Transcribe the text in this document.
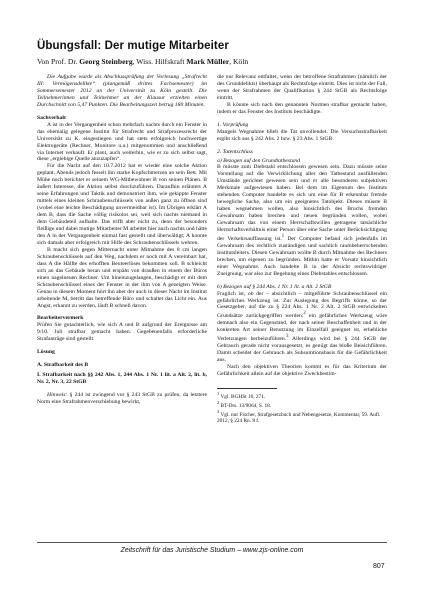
Übungsfall: Der mutige Mitarbeiter
Von Prof. Dr. Georg Steinberg, Wiss. Hilfskraft Mark Müller, Köln

Die Aufgabe wurde als Abschlussprüfung der Vorlesung „Strafrecht III: Vermögensdelikte“ (plangemäß drittes Fachsemester) im Sommersemester 2012 an der Universität zu Köln gestellt. Die Teilnehmerinnen und Teilnehmer an der Klausur erzielten einen Durchschnitt von 5,47 Punkten. Die Bearbeitungszeit betrug 180 Minuten.

Sachverhalt

A ist in der Vergangenheit schon mehrfach nachts durch ein Fenster in das ehemalig gelegene Institut für Strafrecht und Strafprozessrecht der Universität zu K. eingestiegen und hat stets erfolgreich hochwertige Elektrogeräte (Rechner, Monitore u.a.) mitgenommen und anschließend via Internet verkauft. Er plant, auch weiterhin, wie er zu sich selbst sagt, diese „ergiebige Quelle anzuzapfen“.

Für die Nacht auf den 10.7.2012 hat er wieder eine solche Aktion geplant. Abends jedoch fesselt ihn starke Kopfschmerzen an sein Bett. Mit Mühe noch berichtet er seinem WG-Mitbewohner B von seinen Plänen. B äußert Interesse, die Aktion selbst durchzuführen. Daraufhin erläutert A seine Erfahrungen und Taktik und demonstriert ihm, wie gekippte Fenster mittels eines kleinen Schraubenschlüssels von außen ganz zu öffnen sind (wobei eine leichte Beschädigung unvermeidbar ist). Im Übrigen erklärt A dem B, dass die Sache völlig risikolos sei, weil sich nachts niemand in dem Gebäudeteil aufhalte. Das trifft aber nicht zu, denn der besonders fleißige und dabei mutige Mitarbeiter M arbeitet hier auch nachts und hätte den A in der Vergangenheit einmal fast gestellt und überwältigt; A konnte sich damals aber erfolgreich mit Hilfe des Schraubenschlüssels wehren.

B macht sich gegen Mitternacht unter Mitnahme des 8 cm langen Schraubenschlüssels auf den Weg, nachdem er noch mit A vereinbart hat, dass A die Hälfte des erhofften Beuteerlöses bekommen soll. B schleicht sich an das Gebäude heran und erspäht von draußen in einem der Büros einen nagelneuen Rechner. Um hineinzugelangen, beschädigt er mit dem Schraubenschlüssel eines der Fenster in der ihm von A gezeigten Weise. Genau in diesem Moment hört ihn aber der auch in dieser Nacht im Institut arbeitende M, betritt das betreffende Büro und schaltet das Licht ein. Aus Angst, erkannt zu werden, läuft B schnell davon.

Bearbeitervermerk

Prüfen Sie gutachterlich, wie sich A und B aufgrund der Ereignisse am 9/10. Juli strafbar gemacht haben. Gegebenenfalls erforderliche Strafanträge sind gestellt.

Lösung

A. Strafbarkeit des B

I. Strafbarkeit nach §§ 242 Abs. 1, 244 Abs. 1 Nr. 1 lit. a Alt. 2, lit. b, Nr. 2, Nr. 3, 22 StGB

Hinweis: § 244 ist zwingend vor § 243 StGB zu prüfen, da letztere Norm eine Strafrahmenverschiebung bewirkt,

die nur Relevanz entfaltet, wenn der betroffene Strafrahmen (nämlich der des Grunddelikts) überhaupt als Rechtsfolge eintritt. Dies ist nicht der Fall, wenn der Strafrahmen der Qualifikation § 244 StGB als Rechtsfolge eintritt.

B könnte sich nach den genannten Normen strafbar gemacht haben, indem er das Fenster des Instituts beschädigte.

1. Vorprüfung

Mangels Wegnahme blieb die Tat unvollendet. Die Versuchsstrafbarkeit ergibt sich aus § 242 Abs. 2 bzw. § 23 Abs. 1 StGB.

2. Tatentschluss

a) Bezogen auf den Grundtatbestand

B müsste zum Diebstahl entschlossen gewesen sein. Dazu müsste seine Vorstellung auf die Verwirklichung aller den Tatbestand ausfüllenden Umstände gerichtet gewesen sein und er alle besonderen subjektiven Merkmale aufgewiesen haben. Bei dem im Eigentum des Instituts stehenden Computer handelte es sich um eine für B erkennbar fremde bewegliche Sache, also um ein geeignetes Tatobjekt. Dieses müsste B haben wegnehmen wollen, also hinsichtlich des Bruchs fremden Gewahrsam haben brechen und neuen begründen wollen, wobei Gewahrsam das von einem Herrschaftswillen getragene tatsächliche Herrschaftsverhältnis einer Person über eine Sache unter Berücksichtigung der Verkehrsauffassung ist.$^1$ Der Computer befand sich jedenfalls im Gewahrsam des rechtlich zuständigen und sachlich raumbeherrschenden Institutsleiters. Diesen Gewahrsam wollte B durch Mitnahme des Rechners brechen, um eigenen zu begründen. Mithin hatte er Vorsatz hinsichtlich einer Wegnahme. Auch handelte B in der Absicht rechtswidriger Zueignung, war also zur Begehung eines Diebstahles entschlossen.

b) Bezogen auf § 244 Abs. 1 Nr. 1 lit. a Alt. 2 StGB

Fraglich ist, ob der – absichtlich – mitgeführte Schraubenschlüssel ein gefährliches Werkzeug ist. Zur Auslegung des Begriffs könne, so der Gesetzgeber, auf die zu § 224 Abs. 1 Nr. 2 Alt. 2 StGB entwickelten Grundsätze zurückgegriffen werden;$^2$ ein gefährliches Werkzeug wäre demnach also ein Gegenstand, der nach seiner Beschaffenheit und in der konkreten Art seiner Benutzung im Einzelfall geeignet ist, erhebliche Verletzungen herbeizuführen.$^3$ Allerdings wird bei § 244 StGB der Gebrauch gerade nicht vorausgesetzt, es genügt das bloße Beisichführen. Damit scheidet der Gebrauch als Subsumtionsbasis für die Gefährlichkeit aus.

Nach den objektiven Theorien kommt es für das Kriterium der Gefährlichkeit allein auf die objektive Zweckbestim-

$^1$ Vgl. BGHSt 16, 271.
$^2$ BT-Drs. 13/9064, S. 18.
$^3$ Vgl. nur Fischer, Strafgesetzbuch und Nebengesetze, Kommentar, 59. Aufl. 2012, § 224 Rn. 8 f.
Zeitschrift für das Juristische Studium – www.zjs-online.com
807
